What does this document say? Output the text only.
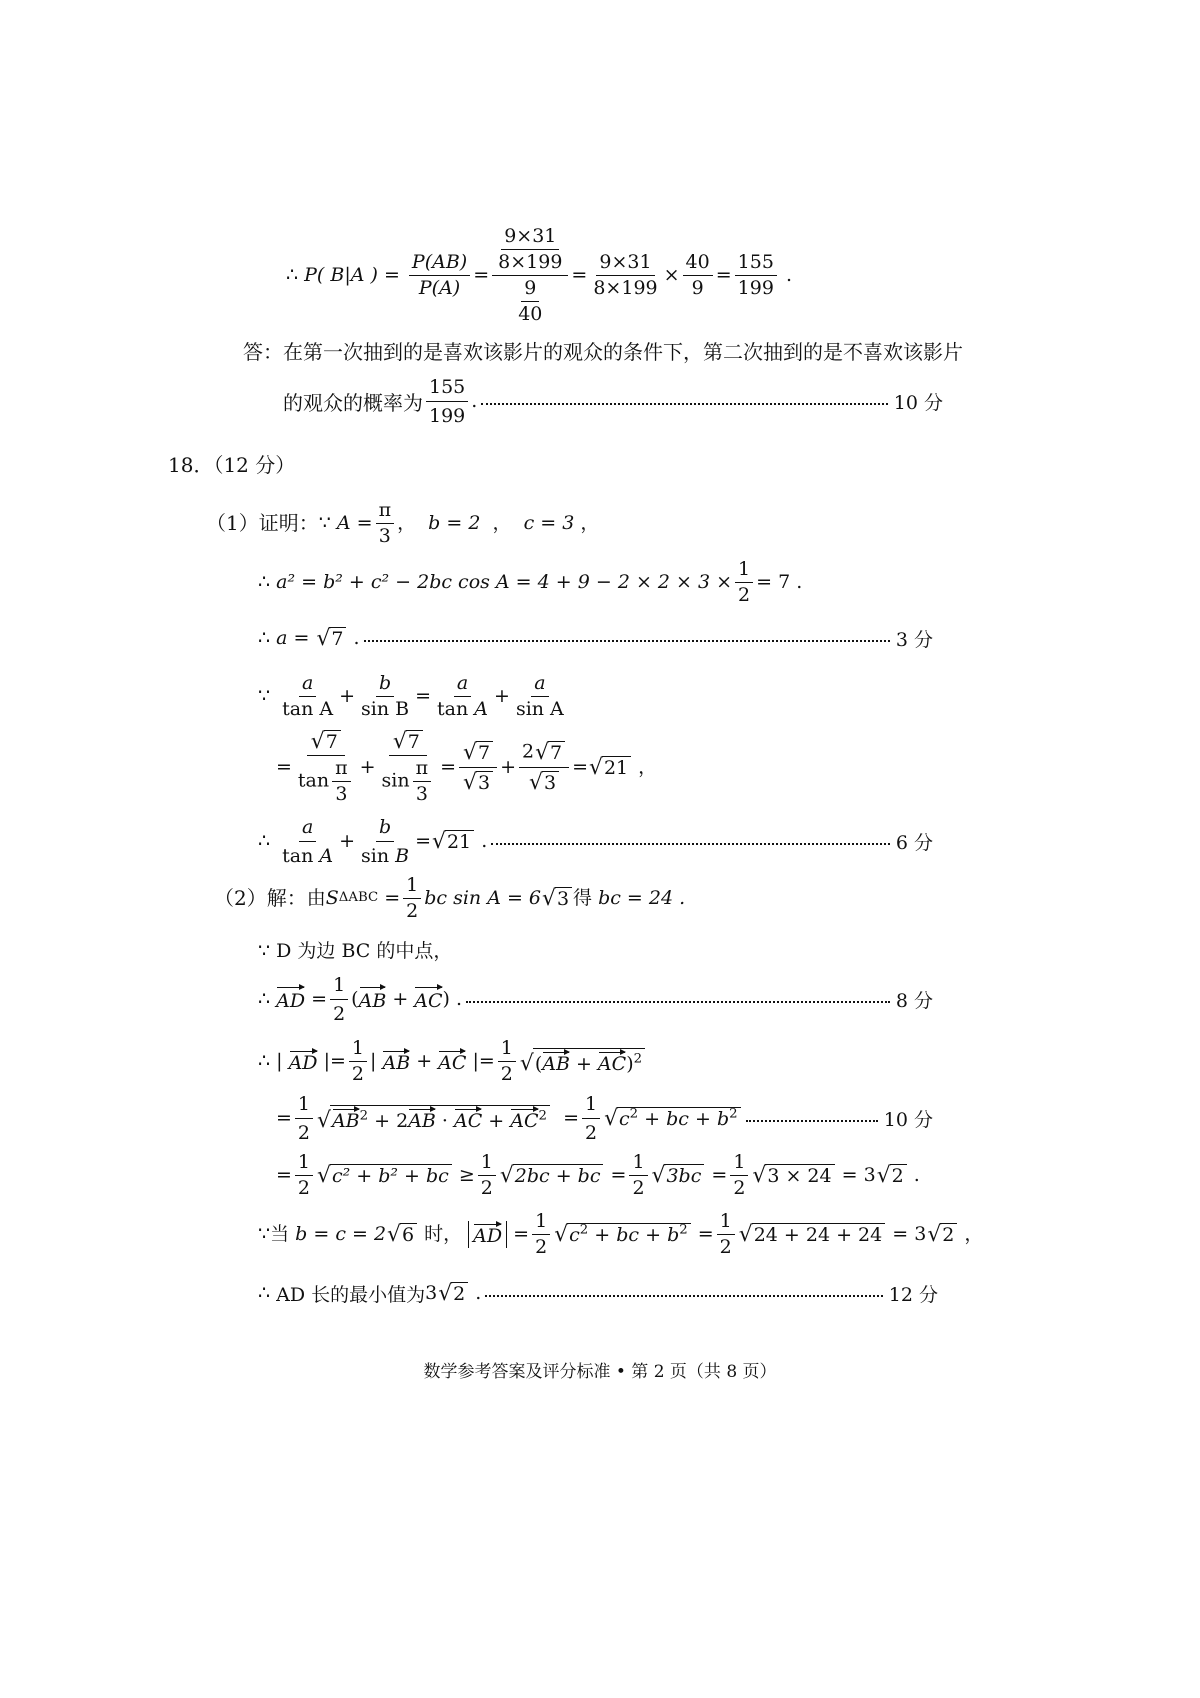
∴
P( B|A ) = $\frac{P(AB)}{P(A)} = \frac{\frac{9\times 31}{8\times 199}}{\frac{9}{40}} = \frac{9\times 31}{8\times 199} \times \frac{40}{9} = \frac{155}{199}$ .
答：在第一次抽到的是喜欢该影片的观众的条件下，第二次抽到的是不喜欢该影片
的观众的概率为 $\frac{155}{199}$ .	10 分
18．（12 分）
（1）证明： ∵
$A = \frac{\pi}{3}$ ， b = 2 ， c = 3 ，
∴ a² = b² + c² − 2bc $\cos A = 4 + 9 - 2 \times 2 \times 3 \times \frac{1}{2} = 7$ .
∴ a = √ 7 .	3 分
∵ $\frac{a}{\text{tan A}} + \frac{b}{\text{sin B}} = \frac{a}{\text{tan A}} + \frac{a}{\text{sin A}}$
= $\frac{√ 7}{\tan \frac{\pi}{3}} + \frac{√ 7}{\sin \frac{\pi}{3}} = \frac{√ 7}{√ 3} + \frac{2 √ 7}{√ 3}$ = √ 21 ，
∴ $\frac{a}{\text{tan A}} + \frac{b}{\text{sin B}}$ = √ 21 .	6 分
（2）解： 由 S $\Delta ABC = \frac{1}{2}$ bc sin A = 6 √ 3 得
bc = 24 .
∵ D 为边 BC 的中点，
∴ AD = $\frac{1}{2}$ ( AB + AC ) .	8 分
∴ | AD |= $\frac{1}{2}$ | AB + AC |= $\frac{1}{2}$ √ (AB + AC)$^2$
= $\frac{1}{2}$ √ $AB^2 + 2AB$ · AC + $AC^2 = \frac{1}{2}$ √ $c^2$ + bc + $b^2$	10 分
= $\frac{1}{2}$ √ c² + b² + bc ≥ $\frac{1}{2}$ √ 2bc + bc = $\frac{1}{2}$ √ $3bc = \frac{1}{2}$ √ 3 × 24 = 3 √ 2 .
∵ 当
b = c = 2 √ 6
时，
AD = $\frac{1}{2}$ √ $c^2$ + bc + $b^2 = \frac{1}{2}$ √ 24 + 24 + 24 = 3 √ 2 ，
∴ AD 长的最小值为 3 √ 2 .	12 分
数学参考答案及评分标准 • 第 2 页（共 8 页）
